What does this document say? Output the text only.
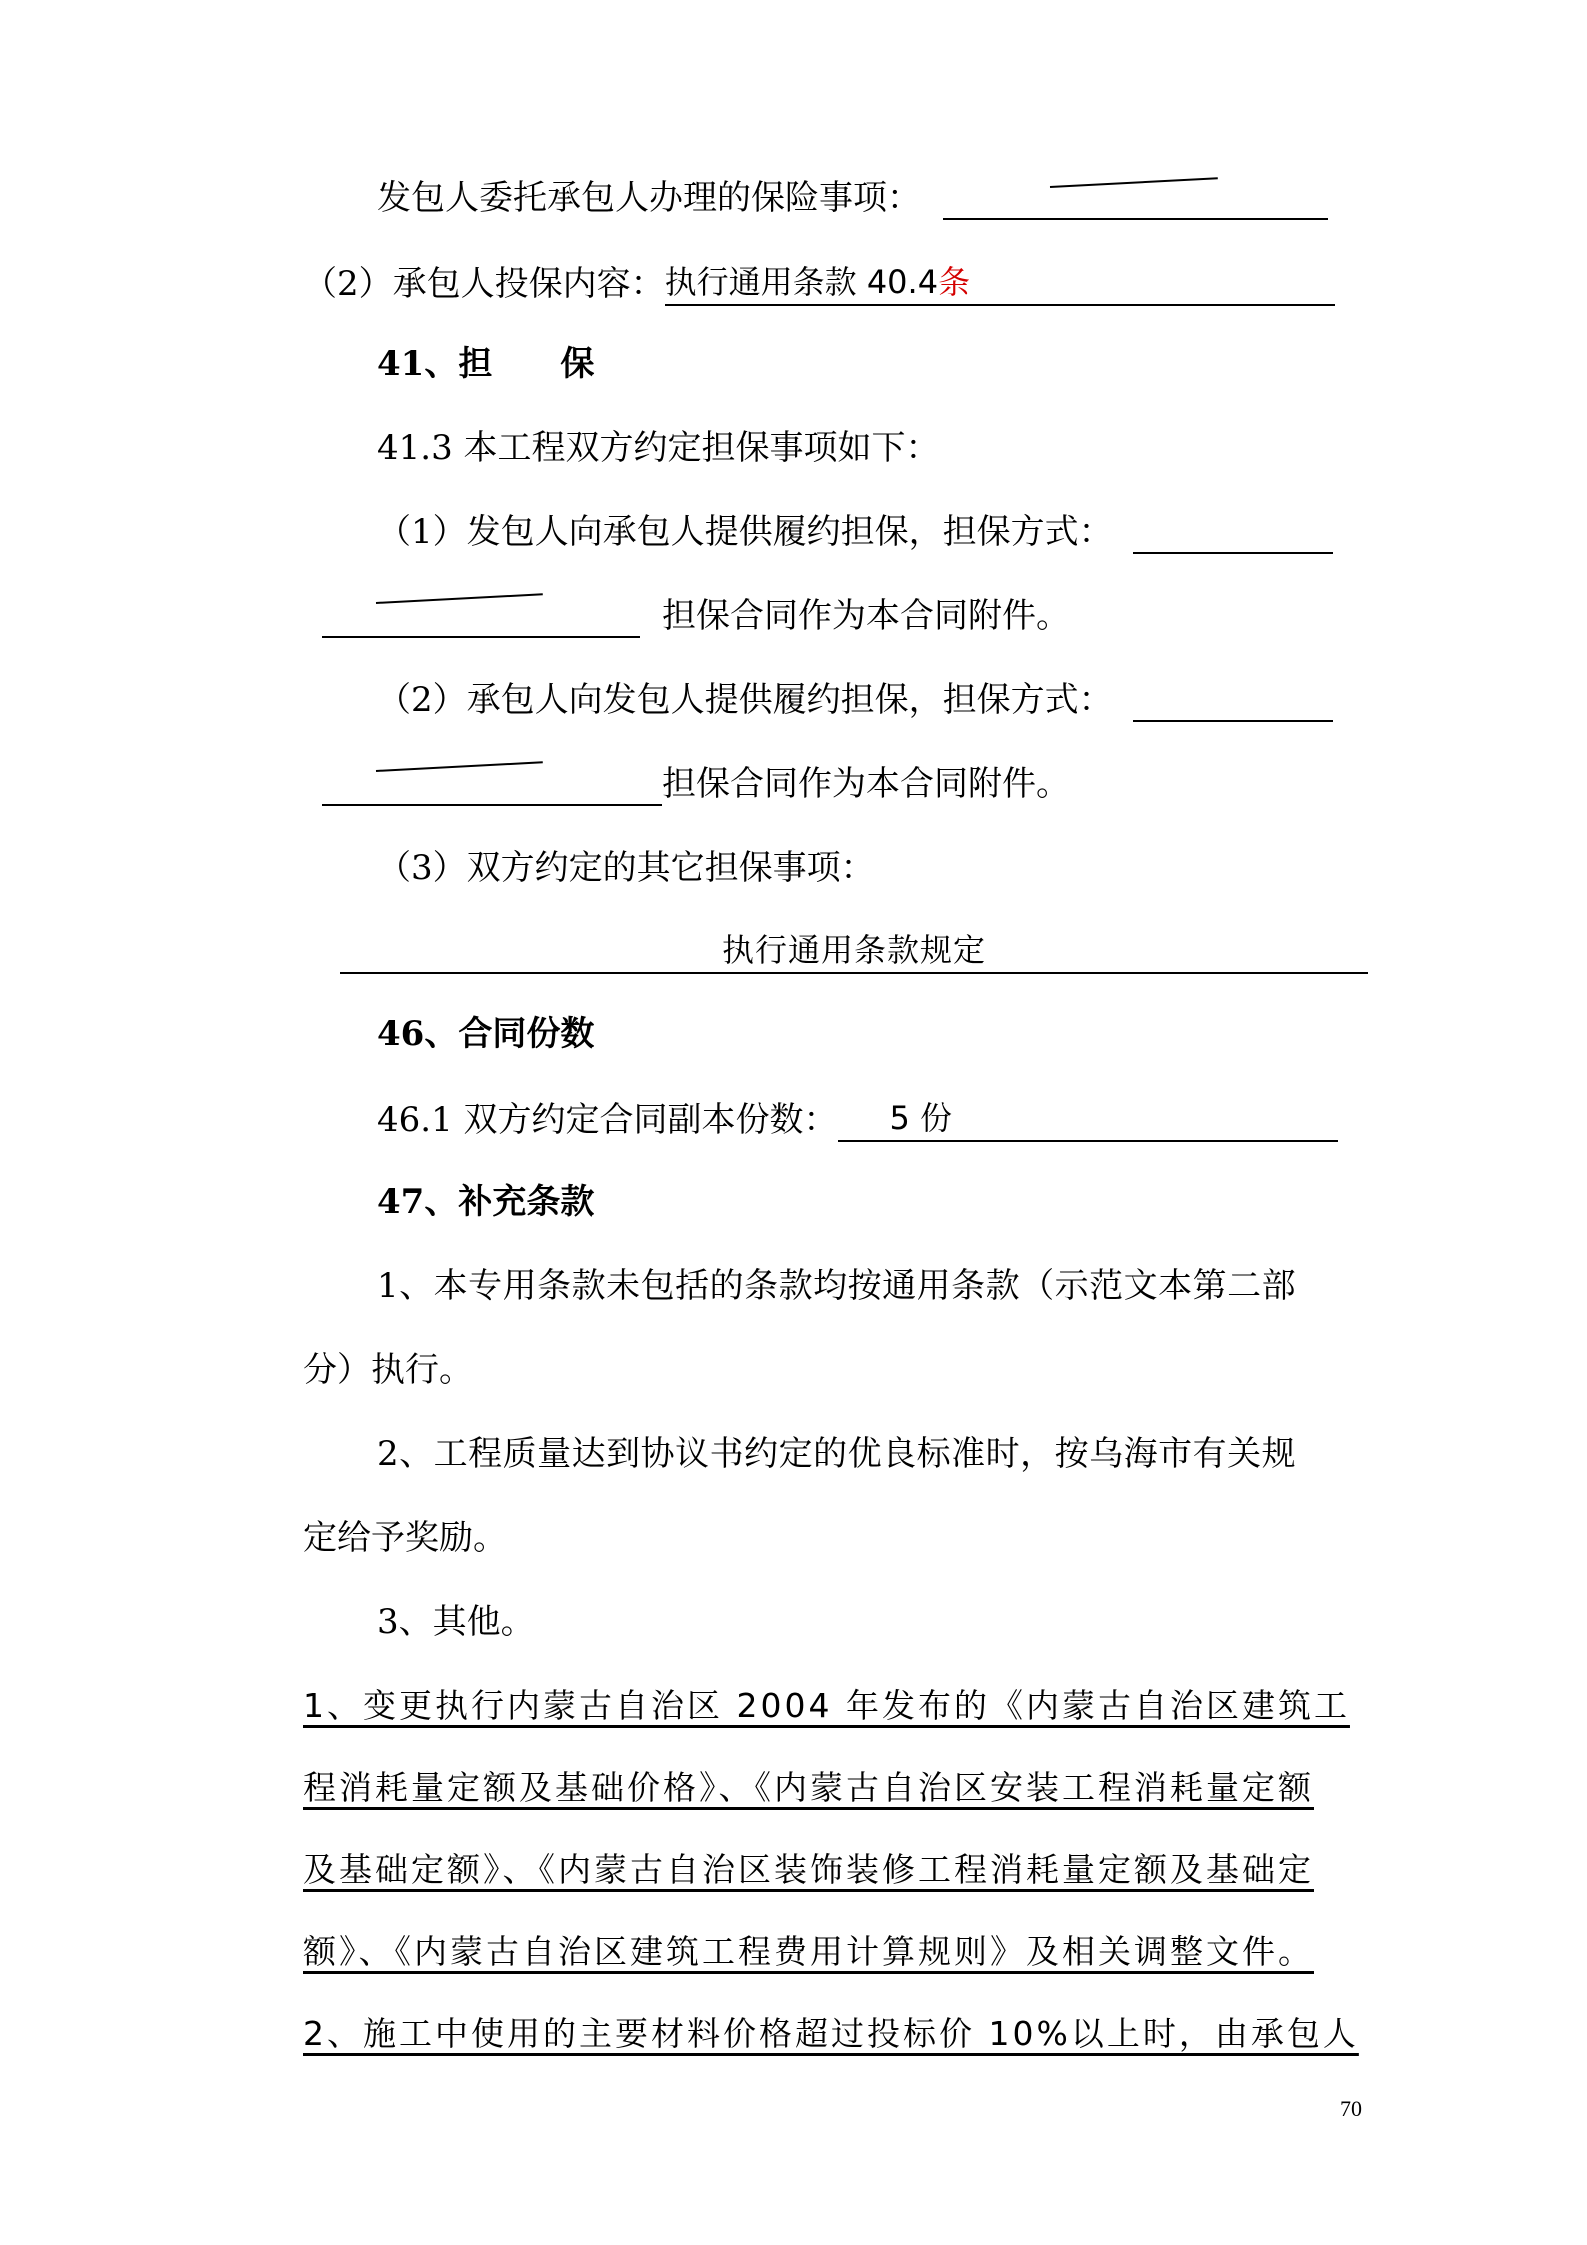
发包人委托承包人办理的保险事项：
（2）承包人投保内容：执行通用条款 40.4条
41、担　　保
41.3 本工程双方约定担保事项如下：
（1）发包人向承包人提供履约担保，担保方式：
担保合同作为本合同附件。
（2）承包人向发包人提供履约担保，担保方式：
担保合同作为本合同附件。
（3）双方约定的其它担保事项：
执行通用条款规定
46、合同份数
46.1 双方约定合同副本份数： 5 份
47、补充条款
1、本专用条款未包括的条款均按通用条款（示范文本第二部
分）执行。
2、工程质量达到协议书约定的优良标准时，按乌海市有关规
定给予奖励。
3、其他。
1、变更执行内蒙古自治区 2004 年发布的《内蒙古自治区建筑工
程消耗量定额及基础价格》、《内蒙古自治区安装工程消耗量定额
及基础定额》、《内蒙古自治区装饰装修工程消耗量定额及基础定
额》、《内蒙古自治区建筑工程费用计算规则》及相关调整文件。
2、施工中使用的主要材料价格超过投标价 10%以上时，由承包人
70
